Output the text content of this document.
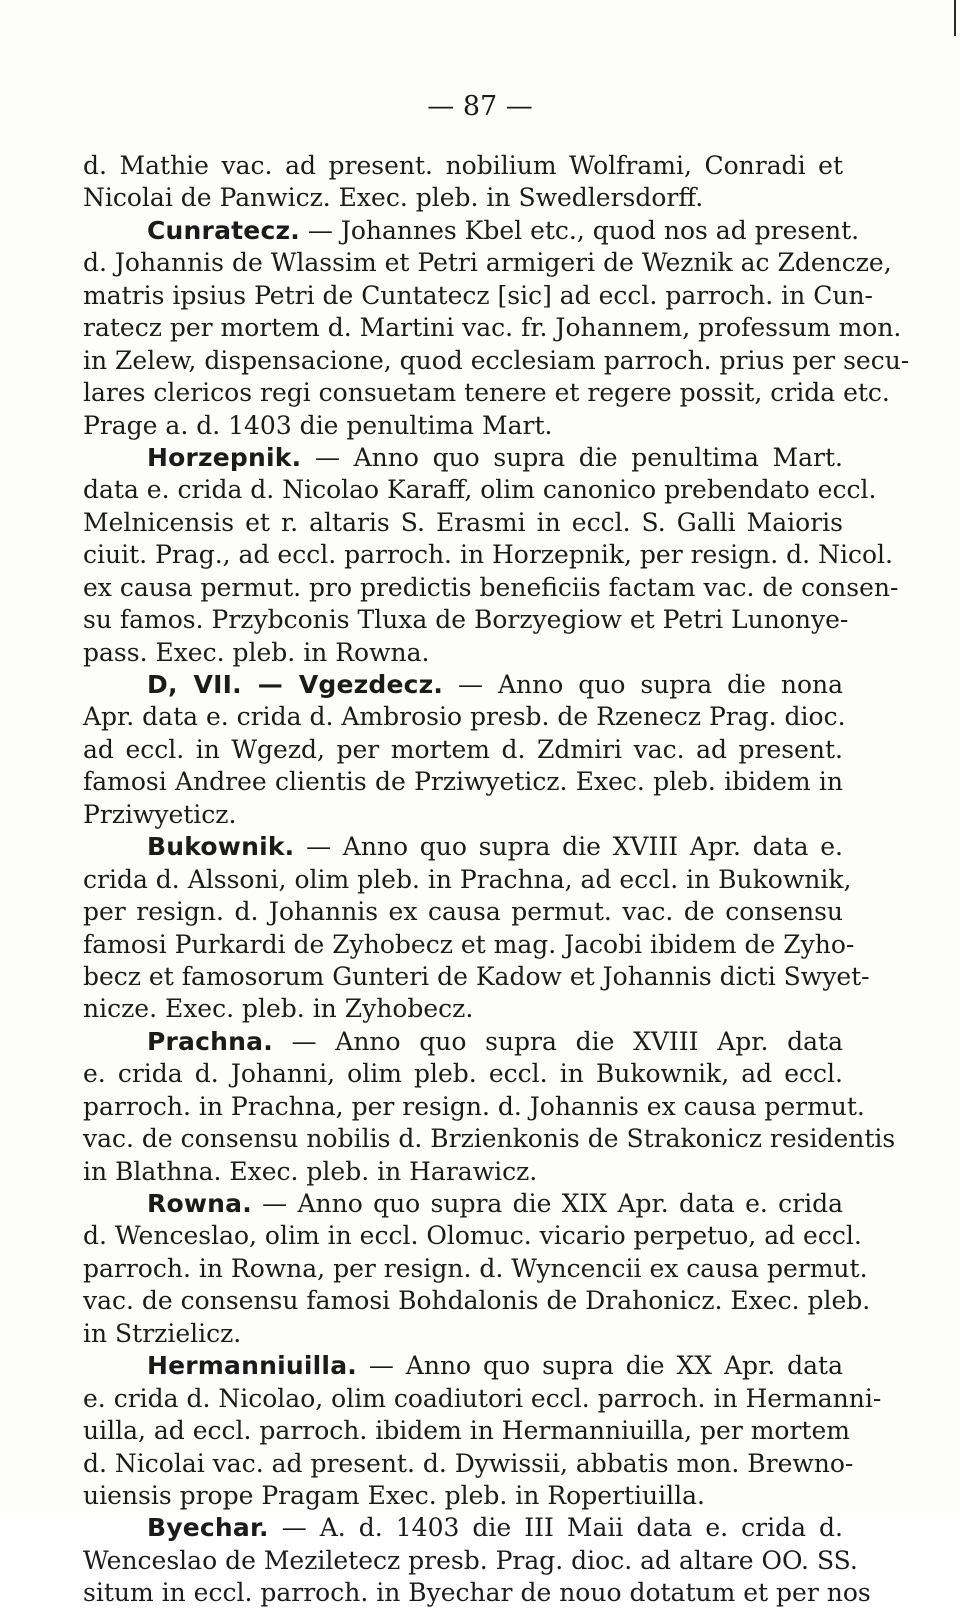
— 87 —
d. Mathie vac. ad present. nobilium Wolframi, Conradi et
Nicolai de Panwicz. Exec. pleb. in Swedlersdorff.
Cunratecz. — Johannes Kbel etc., quod nos ad present.
d. Johannis de Wlassim et Petri armigeri de Weznik ac Zdencze,
matris ipsius Petri de Cuntatecz [sic] ad eccl. parroch. in Cun-
ratecz per mortem d. Martini vac. fr. Johannem, professum mon.
in Zelew, dispensacione, quod ecclesiam parroch. prius per secu-
lares clericos regi consuetam tenere et regere possit, crida etc.
Prage a. d. 1403 die penultima Mart.
Horzepnik. — Anno quo supra die penultima Mart.
data e. crida d. Nicolao Karaff, olim canonico prebendato eccl.
Melnicensis et r. altaris S. Erasmi in eccl. S. Galli Maioris
ciuit. Prag., ad eccl. parroch. in Horzepnik, per resign. d. Nicol.
ex causa permut. pro predictis beneficiis factam vac. de consen-
su famos. Przybconis Tluxa de Borzyegiow et Petri Lunonye-
pass. Exec. pleb. in Rowna.
D, VII. — Vgezdecz. — Anno quo supra die nona
Apr. data e. crida d. Ambrosio presb. de Rzenecz Prag. dioc.
ad eccl. in Wgezd, per mortem d. Zdmiri vac. ad present.
famosi Andree clientis de Prziwyeticz. Exec. pleb. ibidem in
Prziwyeticz.
Bukownik. — Anno quo supra die XVIII Apr. data e.
crida d. Alssoni, olim pleb. in Prachna, ad eccl. in Bukownik,
per resign. d. Johannis ex causa permut. vac. de consensu
famosi Purkardi de Zyhobecz et mag. Jacobi ibidem de Zyho-
becz et famosorum Gunteri de Kadow et Johannis dicti Swyet-
nicze. Exec. pleb. in Zyhobecz.
Prachna. — Anno quo supra die XVIII Apr. data
e. crida d. Johanni, olim pleb. eccl. in Bukownik, ad eccl.
parroch. in Prachna, per resign. d. Johannis ex causa permut.
vac. de consensu nobilis d. Brzienkonis de Strakonicz residentis
in Blathna. Exec. pleb. in Harawicz.
Rowna. — Anno quo supra die XIX Apr. data e. crida
d. Wenceslao, olim in eccl. Olomuc. vicario perpetuo, ad eccl.
parroch. in Rowna, per resign. d. Wyncencii ex causa permut.
vac. de consensu famosi Bohdalonis de Drahonicz. Exec. pleb.
in Strzielicz.
Hermanniuilla. — Anno quo supra die XX Apr. data
e. crida d. Nicolao, olim coadiutori eccl. parroch. in Hermanni-
uilla, ad eccl. parroch. ibidem in Hermanniuilla, per mortem
d. Nicolai vac. ad present. d. Dywissii, abbatis mon. Brewno-
uiensis prope Pragam Exec. pleb. in Ropertiuilla.
Byechar. — A. d. 1403 die III Maii data e. crida d.
Wenceslao de Meziletecz presb. Prag. dioc. ad altare OO. SS.
situm in eccl. parroch. in Byechar de nouo dotatum et per nos
